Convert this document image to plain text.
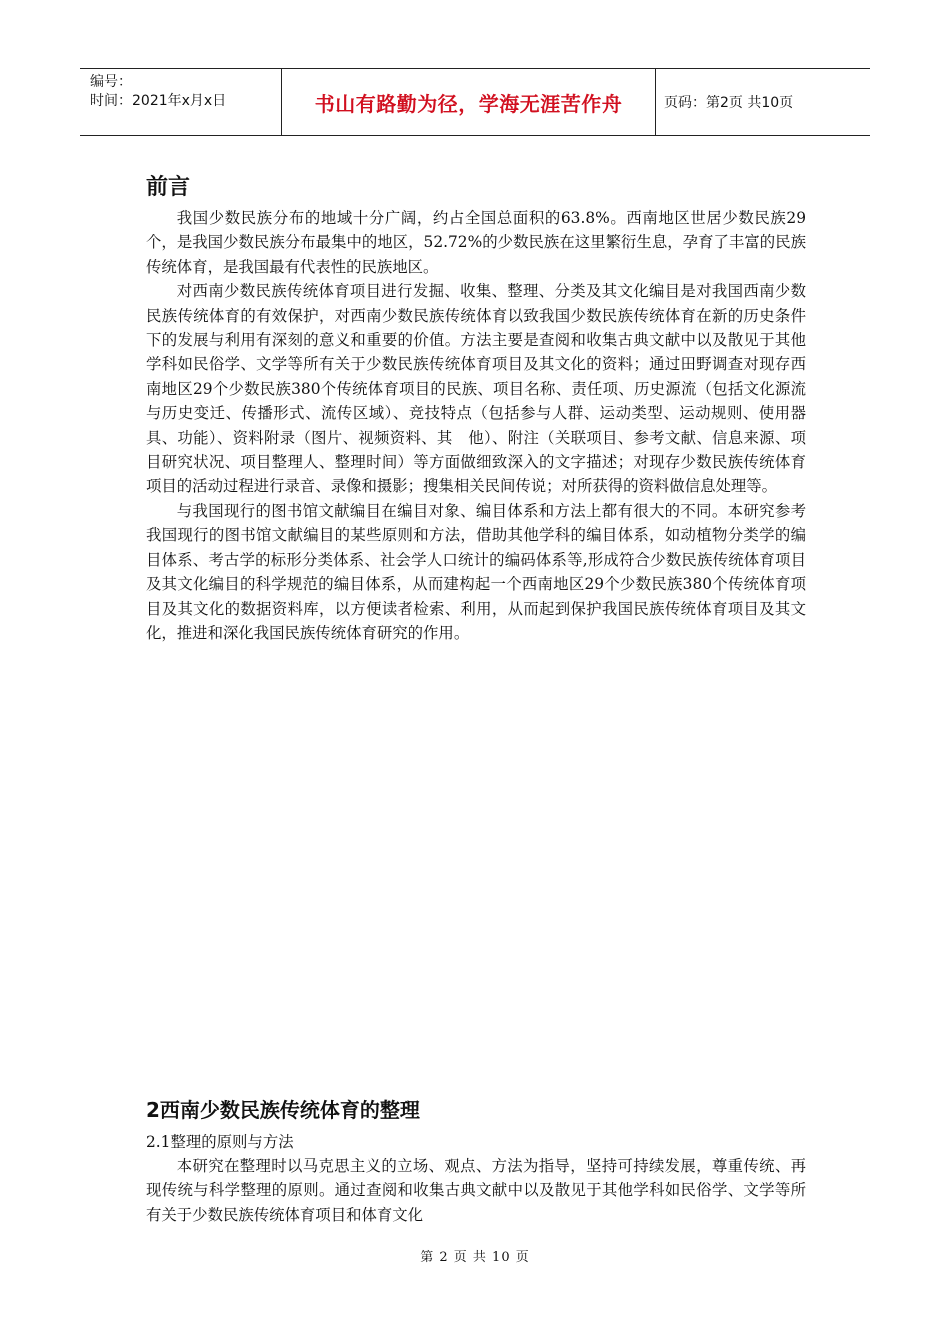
编号：
时间：2021年x月x日	书山有路勤为径，学海无涯苦作舟	页码：第2页 共10页
前言

我国少数民族分布的地域十分广阔，约占全国总面积的63.8%。西南地区世居少数民族29个，是我国少数民族分布最集中的地区，52.72%的少数民族在这里繁衍生息，孕育了丰富的民族传统体育，是我国最有代表性的民族地区。

对西南少数民族传统体育项目进行发掘、收集、整理、分类及其文化编目是对我国西南少数民族传统体育的有效保护，对西南少数民族传统体育以致我国少数民族传统体育在新的历史条件下的发展与利用有深刻的意义和重要的价值。方法主要是查阅和收集古典文献中以及散见于其他学科如民俗学、文学等所有关于少数民族传统体育项目及其文化的资料；通过田野调查对现存西南地区29个少数民族380个传统体育项目的民族、项目名称、责任项、历史源流（包括文化源流与历史变迁、传播形式、流传区域）、竞技特点（包括参与人群、运动类型、运动规则、使用器具、功能）、资料附录（图片、视频资料、其　他）、附注（关联项目、参考文献、信息来源、项目研究状况、项目整理人、整理时间）等方面做细致深入的文字描述；对现存少数民族传统体育项目的活动过程进行录音、录像和摄影；搜集相关民间传说；对所获得的资料做信息处理等。

与我国现行的图书馆文献编目在编目对象、编目体系和方法上都有很大的不同。本研究参考我国现行的图书馆文献编目的某些原则和方法，借助其他学科的编目体系，如动植物分类学的编目体系、考古学的标形分类体系、社会学人口统计的编码体系等,形成符合少数民族传统体育项目及其文化编目的科学规范的编目体系，从而建构起一个西南地区29个少数民族380个传统体育项目及其文化的数据资料库，以方便读者检索、利用，从而起到保护我国民族传统体育项目及其文化，推进和深化我国民族传统体育研究的作用。

2西南少数民族传统体育的整理
2.1整理的原则与方法

本研究在整理时以马克思主义的立场、观点、方法为指导，坚持可持续发展，尊重传统、再现传统与科学整理的原则。通过查阅和收集古典文献中以及散见于其他学科如民俗学、文学等所有关于少数民族传统体育项目和体育文化

第 2 页 共 10 页
